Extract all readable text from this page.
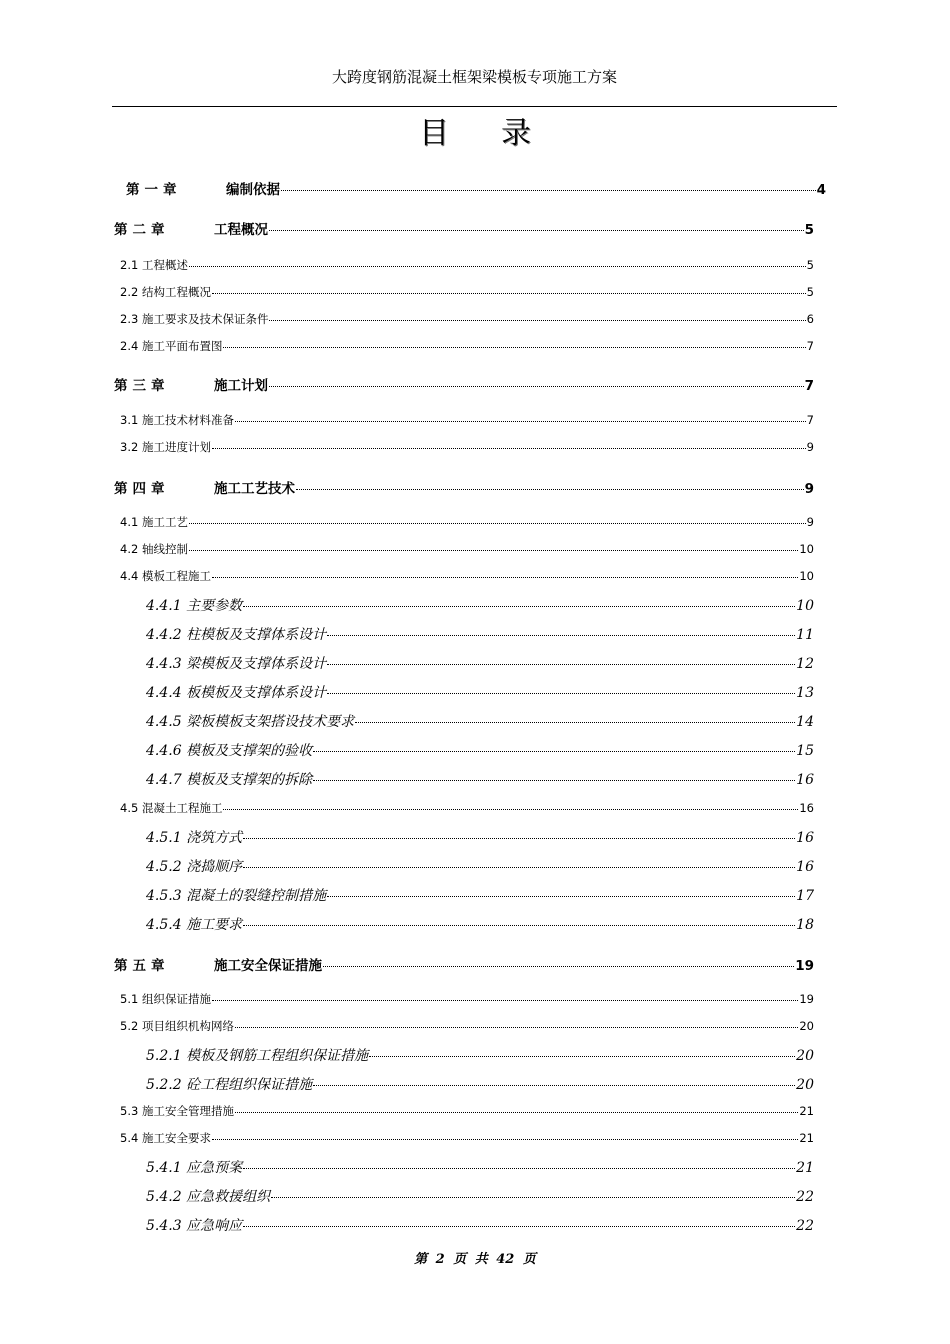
大跨度钢筋混凝土框架梁模板专项施工方案
目录
第一章	编制依据	4
第二章	工程概况	5
2.1 工程概述	5
2.2 结构工程概况	5
2.3 施工要求及技术保证条件	6
2.4 施工平面布置图	7
第三章	施工计划	7
3.1 施工技术材料准备	7
3.2 施工进度计划	9
第四章	施工工艺技术	9
4.1 施工工艺	9
4.2 轴线控制	10
4.4 模板工程施工	10
4.4.1 主要参数	10
4.4.2 柱模板及支撑体系设计	11
4.4.3 梁模板及支撑体系设计	12
4.4.4 板模板及支撑体系设计	13
4.4.5 梁板模板支架搭设技术要求	14
4.4.6 模板及支撑架的验收	15
4.4.7 模板及支撑架的拆除	16
4.5 混凝土工程施工	16
4.5.1 浇筑方式	16
4.5.2 浇捣顺序	16
4.5.3 混凝土的裂缝控制措施	17
4.5.4 施工要求	18
第五章	施工安全保证措施	19
5.1 组织保证措施	19
5.2 项目组织机构网络	20
5.2.1 模板及钢筋工程组织保证措施	20
5.2.2 砼工程组织保证措施	20
5.3 施工安全管理措施	21
5.4 施工安全要求	21
5.4.1 应急预案	21
5.4.2 应急救援组织	22
5.4.3 应急响应	22
第 2 页 共 42 页
